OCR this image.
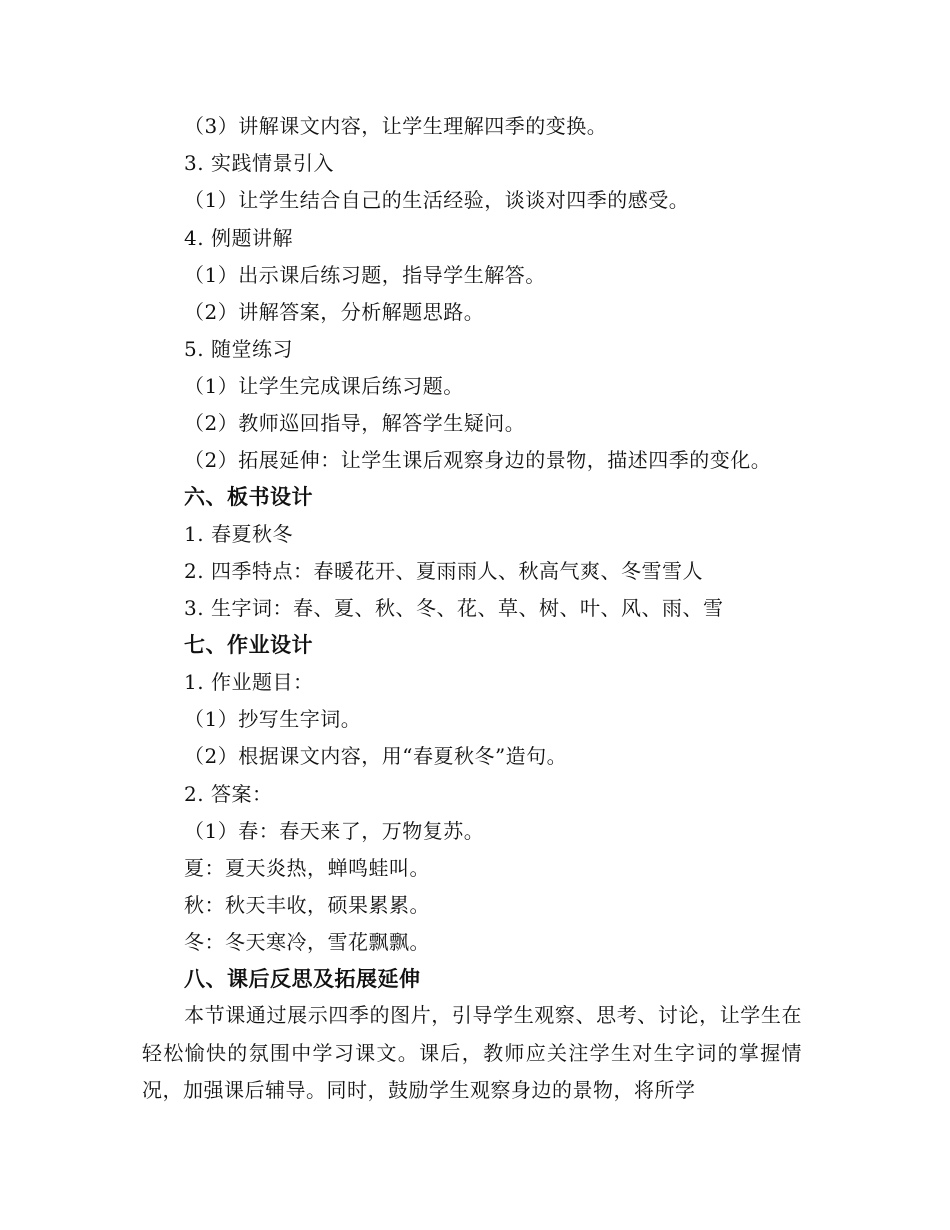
（3）讲解课文内容，让学生理解四季的变换。
3. 实践情景引入
（1）让学生结合自己的生活经验，谈谈对四季的感受。
4. 例题讲解
（1）出示课后练习题，指导学生解答。
（2）讲解答案，分析解题思路。
5. 随堂练习
（1）让学生完成课后练习题。
（2）教师巡回指导，解答学生疑问。
（2）拓展延伸：让学生课后观察身边的景物，描述四季的变化。
六、板书设计
1. 春夏秋冬
2. 四季特点：春暖花开、夏雨雨人、秋高气爽、冬雪雪人
3. 生字词：春、夏、秋、冬、花、草、树、叶、风、雨、雪
七、作业设计
1. 作业题目：
（1）抄写生字词。
（2）根据课文内容，用“春夏秋冬”造句。
2. 答案：
（1）春：春天来了，万物复苏。
夏：夏天炎热，蝉鸣蛙叫。
秋：秋天丰收，硕果累累。
冬：冬天寒冷，雪花飘飘。
八、课后反思及拓展延伸
本节课通过展示四季的图片，引导学生观察、思考、讨论，让学生在轻松愉快的氛围中学习课文。课后，教师应关注学生对生字词的掌握情况，加强课后辅导。同时，鼓励学生观察身边的景物，将所学
